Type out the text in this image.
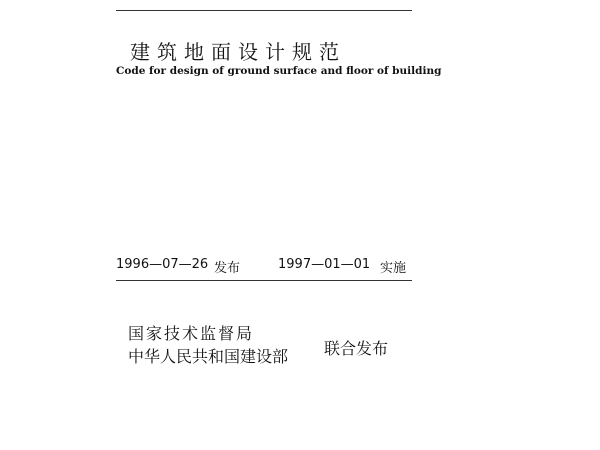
建筑地面设计规范
Code for design of ground surface and floor of building
1996—07—26 发布	1997—01—01 实施
国家技术监督局
中华人民共和国建设部 联合发布
